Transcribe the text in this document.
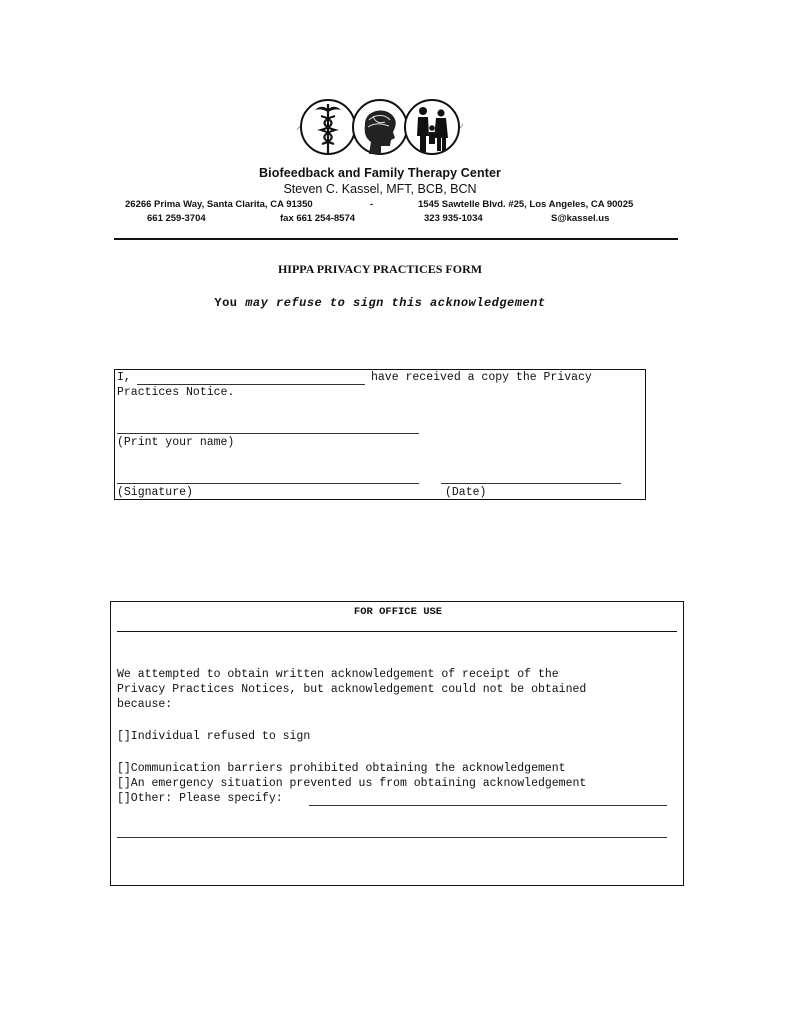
Biofeedback and Family Therapy Center
Steven C. Kassel, MFT, BCB, BCN
26266 Prima Way, Santa Clarita, CA 91350	-	1545 Sawtelle Blvd. #25, Los Angeles, CA 90025
661 259-3704	fax 661 254-8574	323 935-1034	S@kassel.us
HIPPA PRIVACY PRACTICES FORM
You may refuse to sign this acknowledgement
I,	have received a copy the Privacy
Practices Notice.
(Print your name)
(Signature)	(Date)
FOR OFFICE USE
We attempted to obtain written acknowledgement of receipt of the
Privacy Practices Notices, but acknowledgement could not be obtained
because:
[]Individual refused to sign
[]Communication barriers prohibited obtaining the acknowledgement
[]An emergency situation prevented us from obtaining acknowledgement
[]Other: Please specify:
